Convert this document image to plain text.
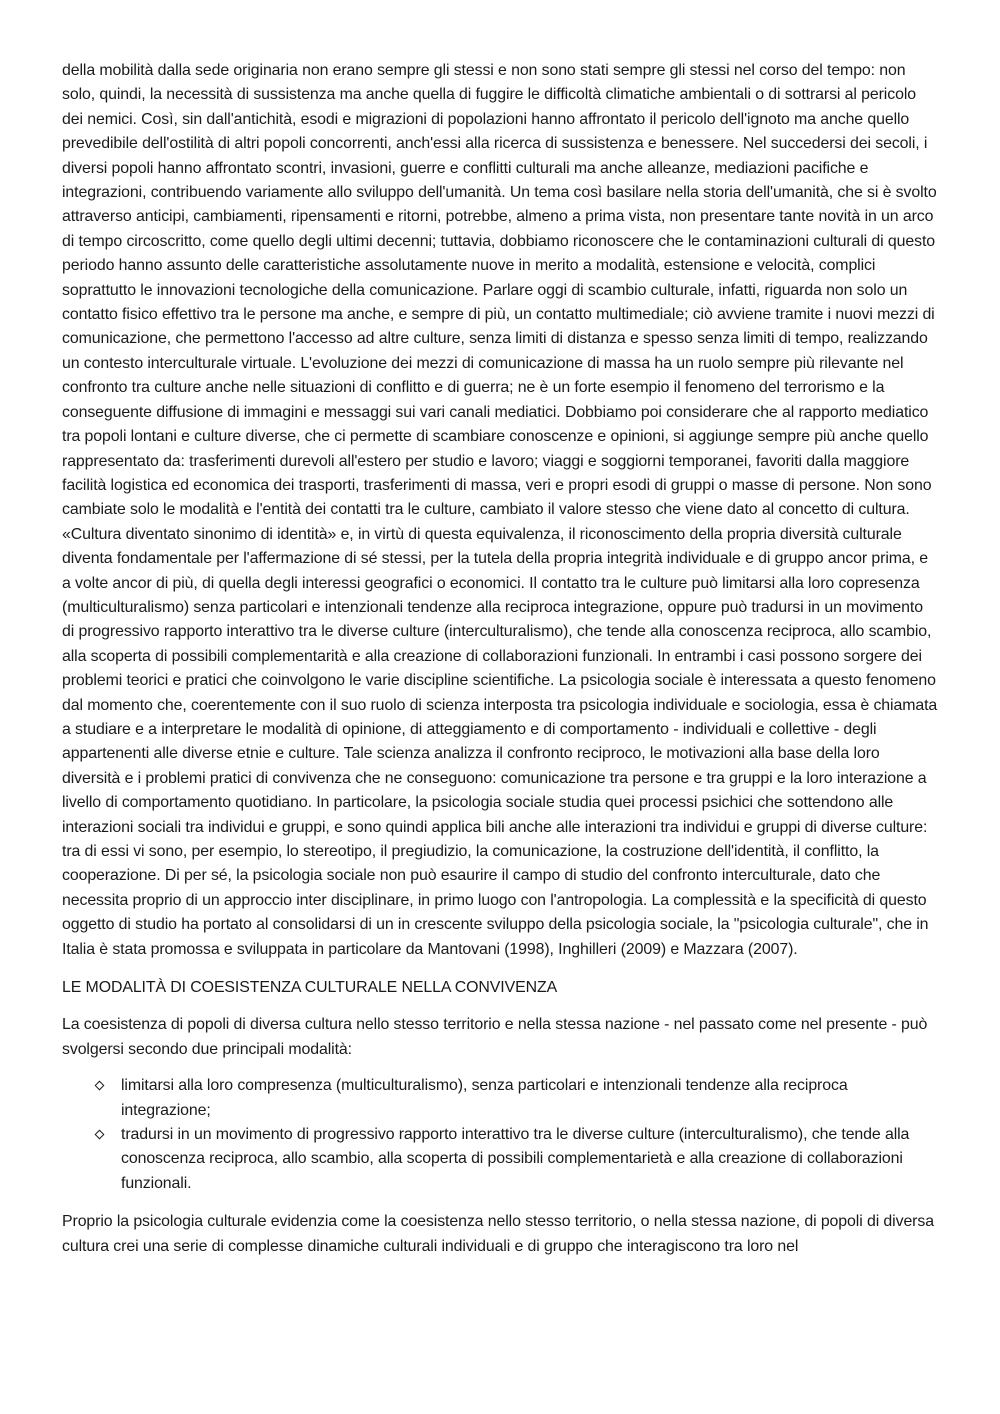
della mobilità dalla sede originaria non erano sempre gli stessi e non sono stati sempre gli stessi nel corso del tempo: non solo, quindi, la necessità di sussistenza ma anche quella di fuggire le difficoltà climatiche ambientali o di sottrarsi al pericolo dei nemici. Così, sin dall'antichità, esodi e migrazioni di popolazioni hanno affrontato il pericolo dell'ignoto ma anche quello prevedibile dell'ostilità di altri popoli concorrenti, anch'essi alla ricerca di sussistenza e benessere. Nel succedersi dei secoli, i diversi popoli hanno affrontato scontri, invasioni, guerre e conflitti culturali ma anche alleanze, mediazioni pacifiche e integrazioni, contribuendo variamente allo sviluppo dell'umanità. Un tema così basilare nella storia dell'umanità, che si è svolto attraverso anticipi, cambiamenti, ripensamenti e ritorni, potrebbe, almeno a prima vista, non presentare tante novità in un arco di tempo circoscritto, come quello degli ultimi decenni; tuttavia, dobbiamo riconoscere che le contaminazioni culturali di questo periodo hanno assunto delle caratteristiche assolutamente nuove in merito a modalità, estensione e velocità, complici soprattutto le innovazioni tecnologiche della comunicazione. Parlare oggi di scambio culturale, infatti, riguarda non solo un contatto fisico effettivo tra le persone ma anche, e sempre di più, un contatto multimediale; ciò avviene tramite i nuovi mezzi di comunicazione, che permettono l'accesso ad altre culture, senza limiti di distanza e spesso senza limiti di tempo, realizzando un contesto interculturale virtuale. L'evoluzione dei mezzi di comunicazione di massa ha un ruolo sempre più rilevante nel confronto tra culture anche nelle situazioni di conflitto e di guerra; ne è un forte esempio il fenomeno del terrorismo e la conseguente diffusione di immagini e messaggi sui vari canali mediatici. Dobbiamo poi considerare che al rapporto mediatico tra popoli lontani e culture diverse, che ci permette di scambiare conoscenze e opinioni, si aggiunge sempre più anche quello rappresentato da: trasferimenti durevoli all'estero per studio e lavoro; viaggi e soggiorni temporanei, favoriti dalla maggiore facilità logistica ed economica dei trasporti, trasferimenti di massa, veri e propri esodi di gruppi o masse di persone. Non sono cambiate solo le modalità e l'entità dei contatti tra le culture, cambiato il valore stesso che viene dato al concetto di cultura. «Cultura diventato sinonimo di identità» e, in virtù di questa equivalenza, il riconoscimento della propria diversità culturale diventa fondamentale per l'affermazione di sé stessi, per la tutela della propria integrità individuale e di gruppo ancor prima, e a volte ancor di più, di quella degli interessi geografici o economici. Il contatto tra le culture può limitarsi alla loro copresenza (multiculturalismo) senza particolari e intenzionali tendenze alla reciproca integrazione, oppure può tradursi in un movimento di progressivo rapporto interattivo tra le diverse culture (interculturalismo), che tende alla conoscenza reciproca, allo scambio, alla scoperta di possibili complementarità e alla creazione di collaborazioni funzionali. In entrambi i casi possono sorgere dei problemi teorici e pratici che coinvolgono le varie discipline scientifiche. La psicologia sociale è interessata a questo fenomeno dal momento che, coerentemente con il suo ruolo di scienza interposta tra psicologia individuale e sociologia, essa è chiamata a studiare e a interpretare le modalità di opinione, di atteggiamento e di comportamento - individuali e collettive - degli appartenenti alle diverse etnie e culture. Tale scienza analizza il confronto reciproco, le motivazioni alla base della loro diversità e i problemi pratici di convivenza che ne conseguono: comunicazione tra persone e tra gruppi e la loro interazione a livello di comportamento quotidiano. In particolare, la psicologia sociale studia quei processi psichici che sottendono alle interazioni sociali tra individui e gruppi, e sono quindi applica bili anche alle interazioni tra individui e gruppi di diverse culture: tra di essi vi sono, per esempio, lo stereotipo, il pregiudizio, la comunicazione, la costruzione dell'identità, il conflitto, la cooperazione. Di per sé, la psicologia sociale non può esaurire il campo di studio del confronto interculturale, dato che necessita proprio di un approccio inter disciplinare, in primo luogo con l'antropologia. La complessità e la specificità di questo oggetto di studio ha portato al consolidarsi di un in crescente sviluppo della psicologia sociale, la "psicologia culturale", che in Italia è stata promossa e sviluppata in particolare da Mantovani (1998), Inghilleri (2009) e Mazzara (2007).

LE MODALITÀ DI COESISTENZA CULTURALE NELLA CONVIVENZA

La coesistenza di popoli di diversa cultura nello stesso territorio e nella stessa nazione - nel passato come nel presente - può svolgersi secondo due principali modalità:

limitarsi alla loro compresenza (multiculturalismo), senza particolari e intenzionali tendenze alla reciproca integrazione;
tradursi in un movimento di progressivo rapporto interattivo tra le diverse culture (interculturalismo), che tende alla conoscenza reciproca, allo scambio, alla scoperta di possibili complementarietà e alla creazione di collaborazioni funzionali.

Proprio la psicologia culturale evidenzia come la coesistenza nello stesso territorio, o nella stessa nazione, di popoli di diversa cultura crei una serie di complesse dinamiche culturali individuali e di gruppo che interagiscono tra loro nel
